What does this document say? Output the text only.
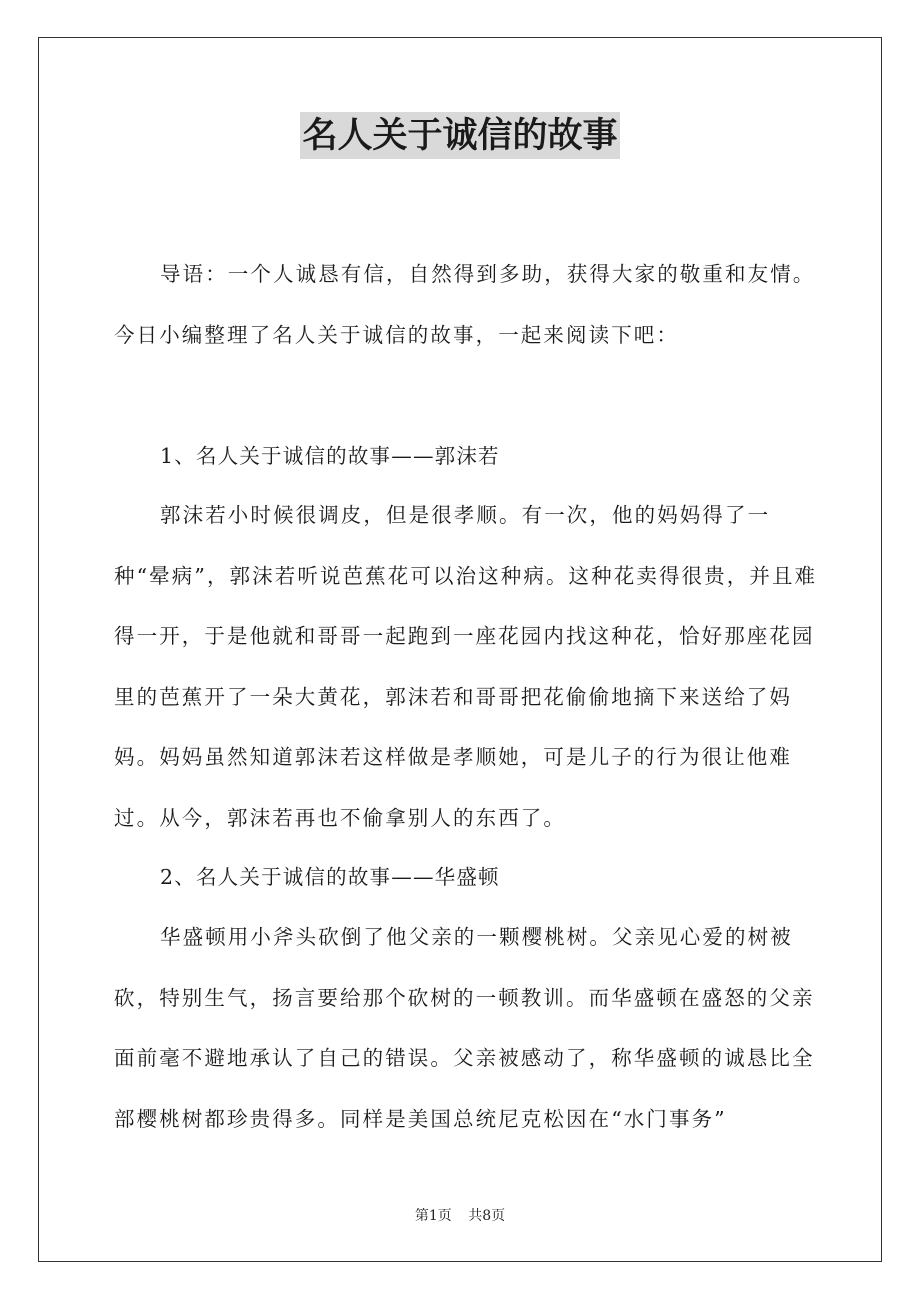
名人关于诚信的故事

导语：一个人诚恳有信，自然得到多助，获得大家的敬重和友情。今日小编整理了名人关于诚信的故事，一起来阅读下吧：

1、名人关于诚信的故事——郭沫若

郭沫若小时候很调皮，但是很孝顺。有一次，他的妈妈得了一种“晕病”，郭沫若听说芭蕉花可以治这种病。这种花卖得很贵，并且难得一开，于是他就和哥哥一起跑到一座花园内找这种花，恰好那座花园里的芭蕉开了一朵大黄花，郭沫若和哥哥把花偷偷地摘下来送给了妈妈。妈妈虽然知道郭沫若这样做是孝顺她，可是儿子的行为很让他难过。从今，郭沫若再也不偷拿别人的东西了。

2、名人关于诚信的故事——华盛顿

华盛顿用小斧头砍倒了他父亲的一颗樱桃树。父亲见心爱的树被砍，特别生气，扬言要给那个砍树的一顿教训。而华盛顿在盛怒的父亲面前毫不避地承认了自己的错误。父亲被感动了，称华盛顿的诚恳比全部樱桃树都珍贵得多。同样是美国总统尼克松因在“水门事务”

第1页 共8页
